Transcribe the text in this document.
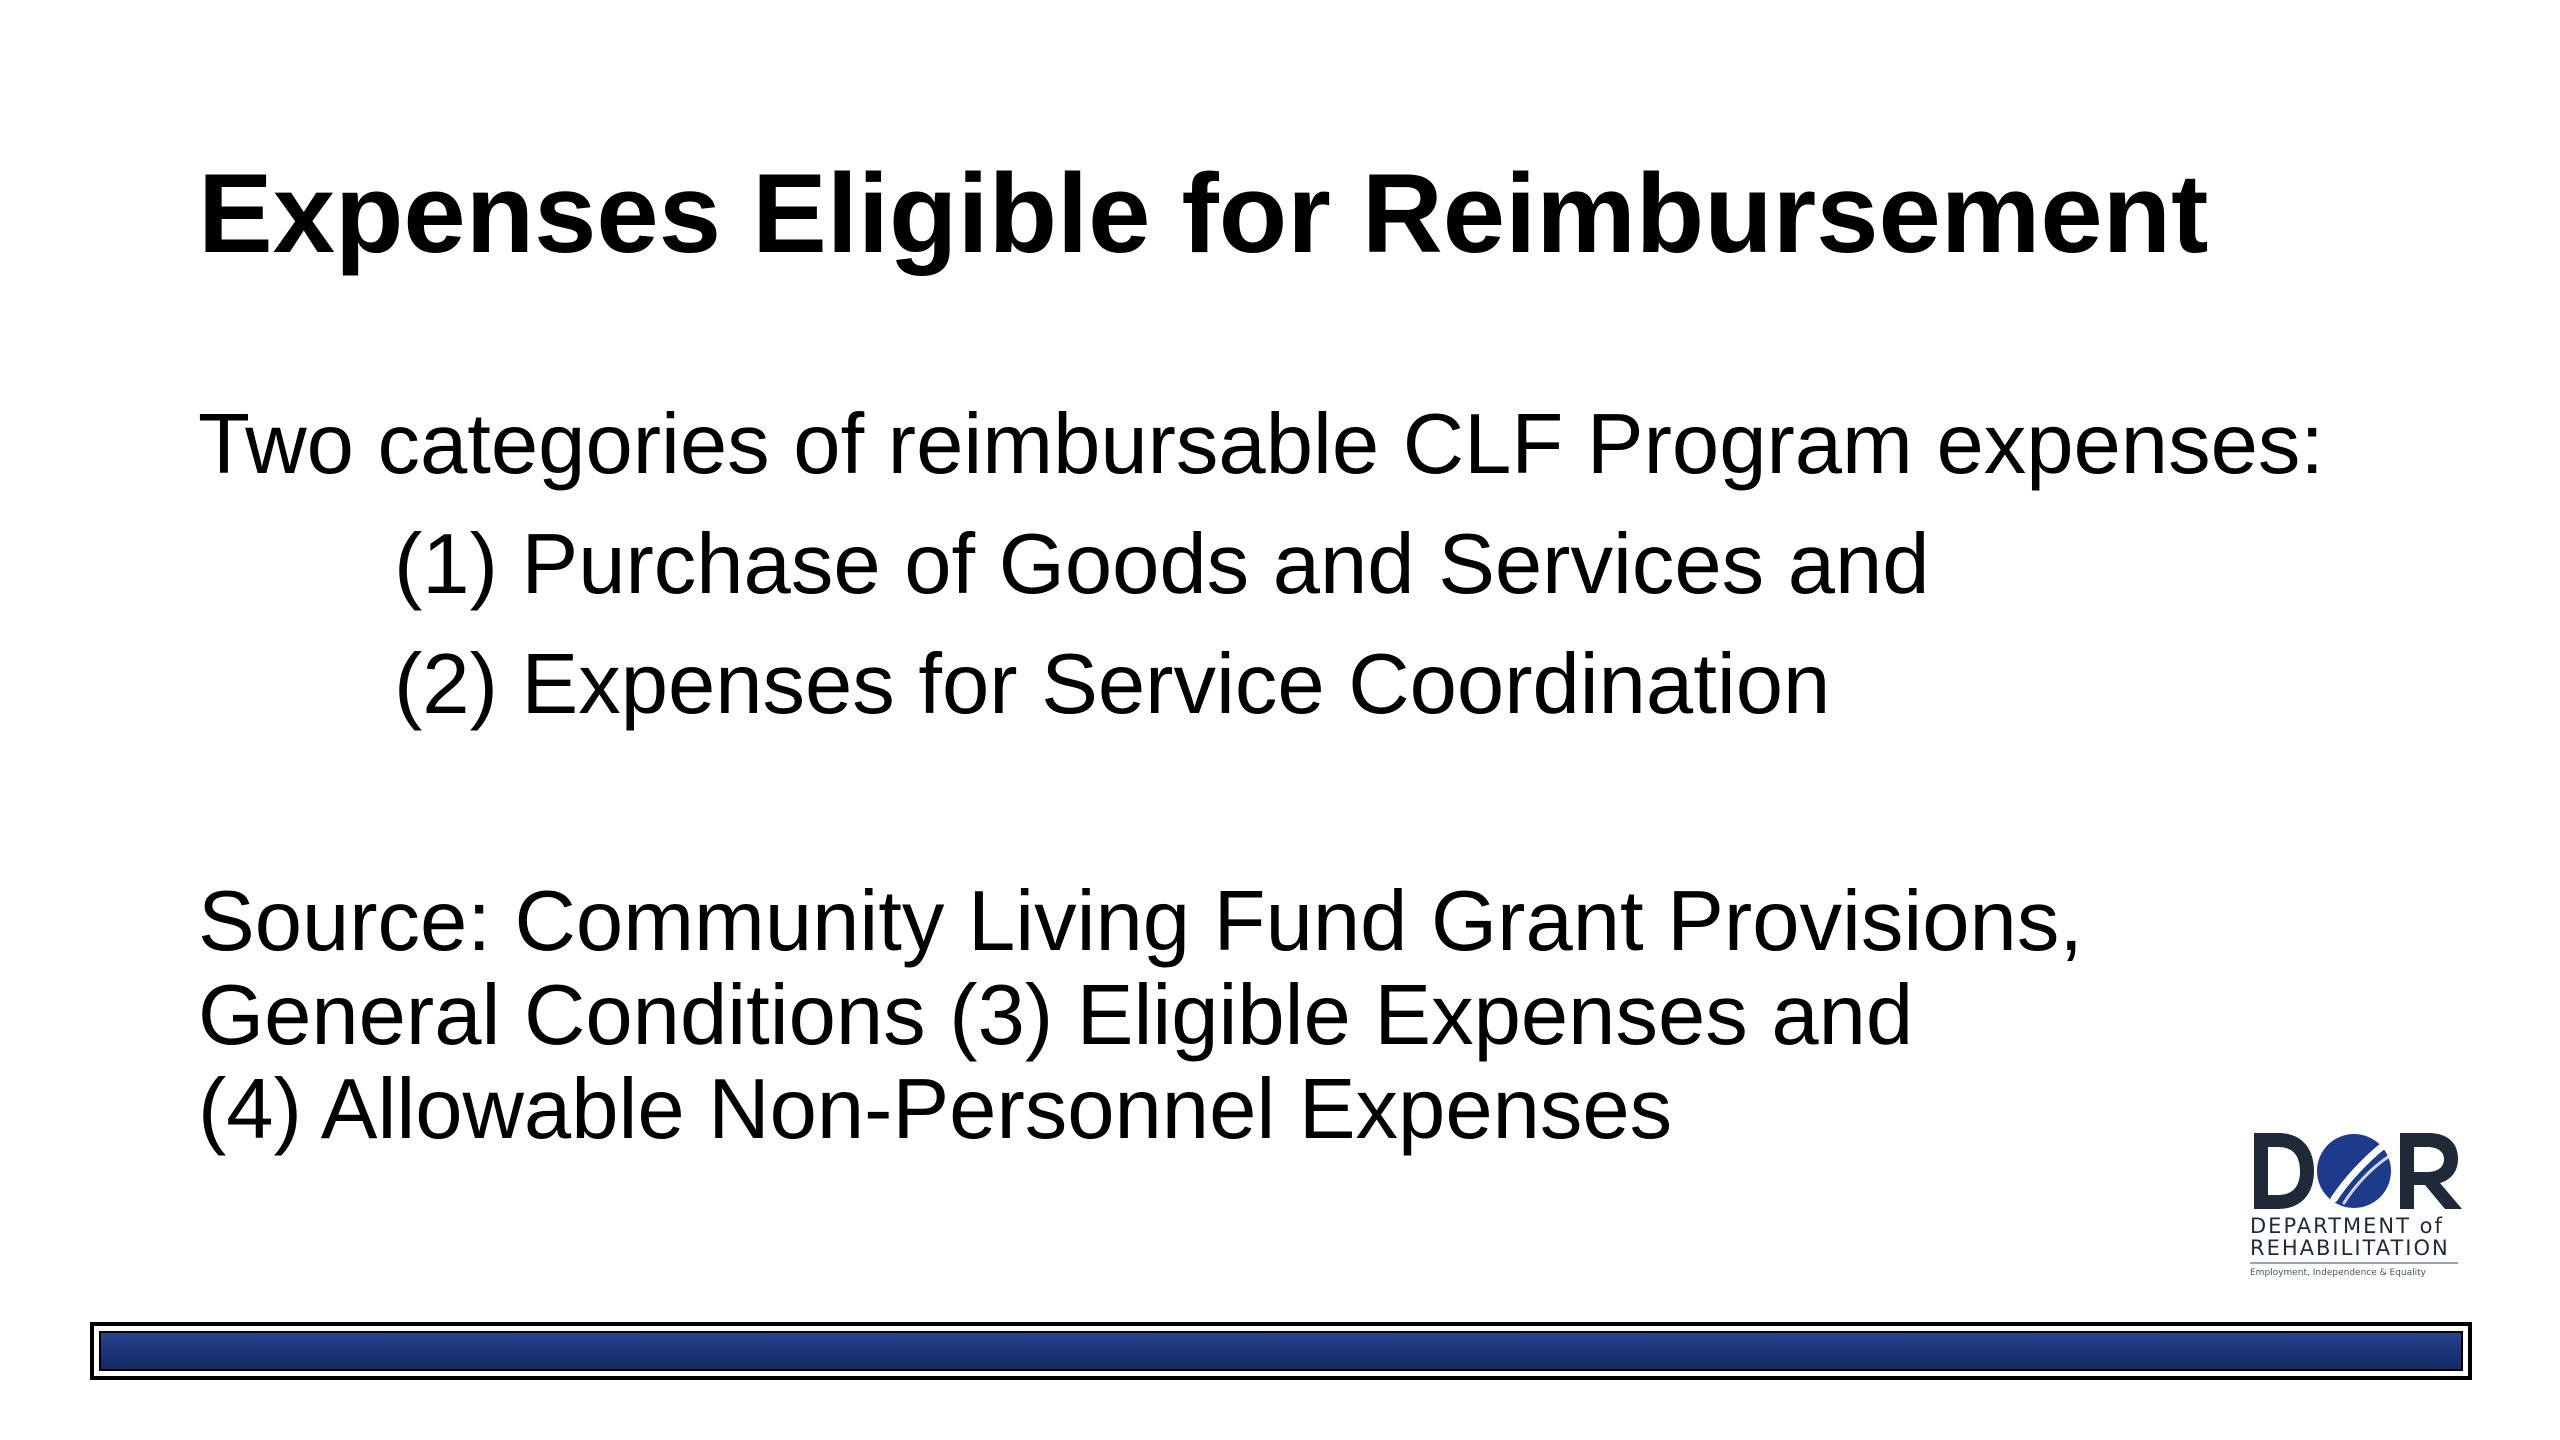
Expenses Eligible for Reimbursement
Two categories of reimbursable CLF Program expenses:
(1) Purchase of Goods and Services and
(2) Expenses for Service Coordination
Source: Community Living Fund Grant Provisions,
General Conditions (3) Eligible Expenses and
(4) Allowable Non-Personnel Expenses
DEPARTMENT of
REHABILITATION
Employment, Independence & Equality
